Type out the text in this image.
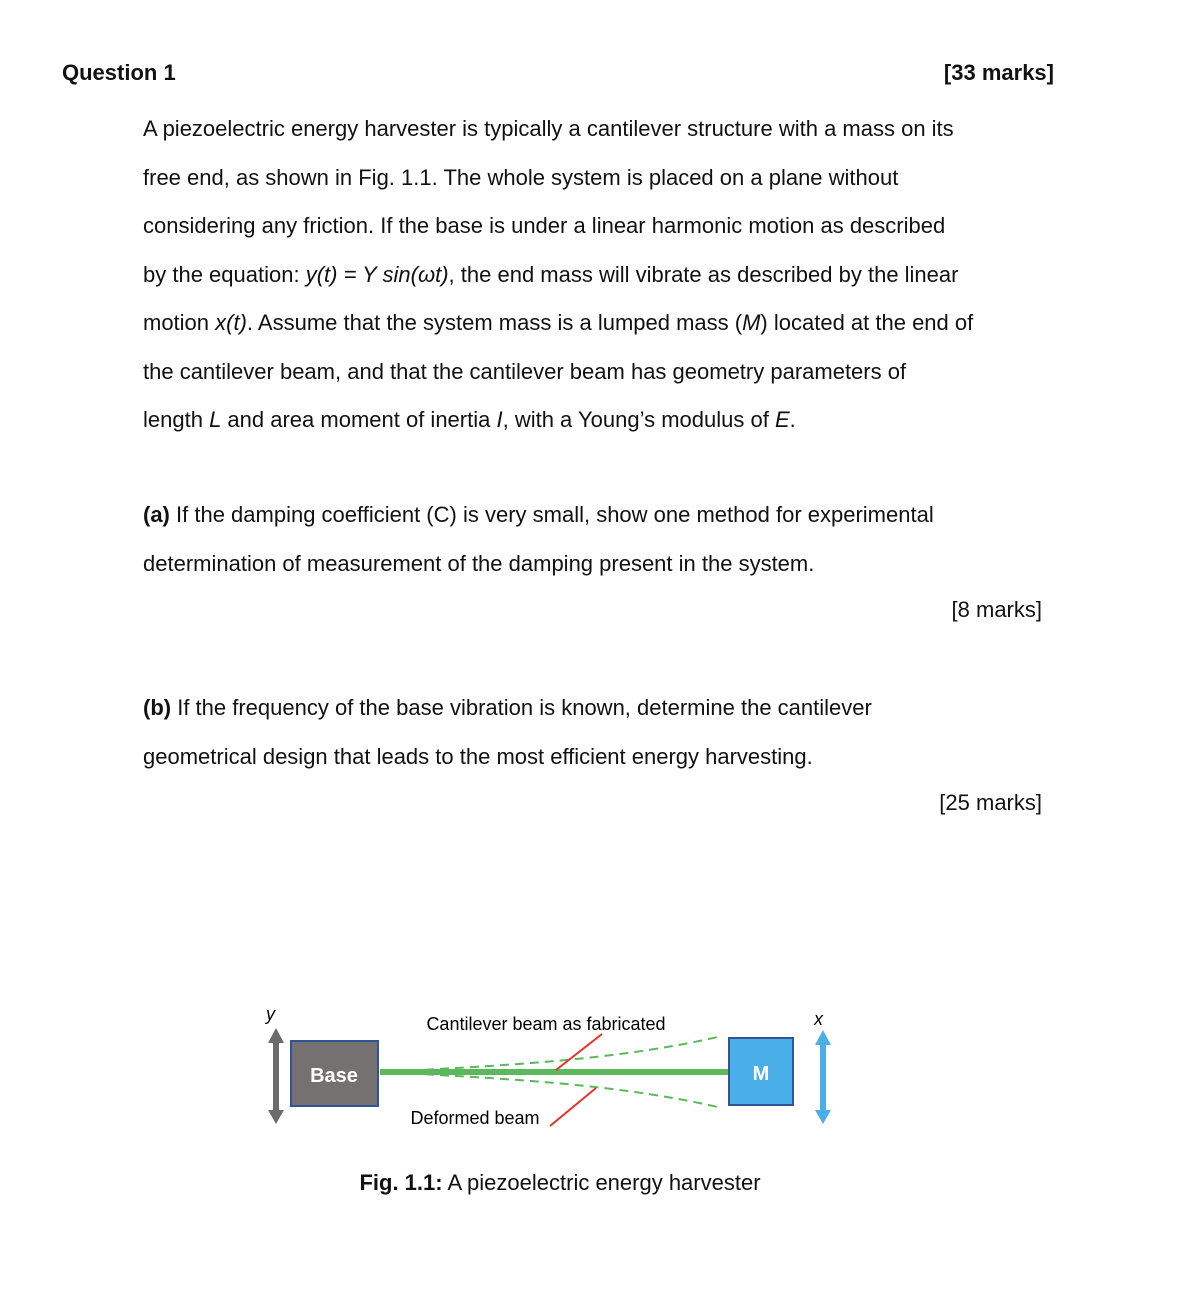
Question 1	[33 marks]

A piezoelectric energy harvester is typically a cantilever structure with a mass on its

free end, as shown in Fig. 1.1. The whole system is placed on a plane without

considering any friction. If the base is under a linear harmonic motion as described

by the equation: y(t) = Y sin(ωt), the end mass will vibrate as described by the linear

motion x(t). Assume that the system mass is a lumped mass (M) located at the end of

the cantilever beam, and that the cantilever beam has geometry parameters of

length L and area moment of inertia I, with a Young’s modulus of E.

(a) If the damping coefficient (C) is very small, show one method for experimental
determination of measurement of the damping present in the system.
[8 marks]
(b) If the frequency of the base vibration is known, determine the cantilever
geometrical design that leads to the most efficient energy harvesting.
[25 marks]
y
Base	M
Cantilever beam as fabricated
Deformed beam
x
Fig. 1.1: A piezoelectric energy harvester
